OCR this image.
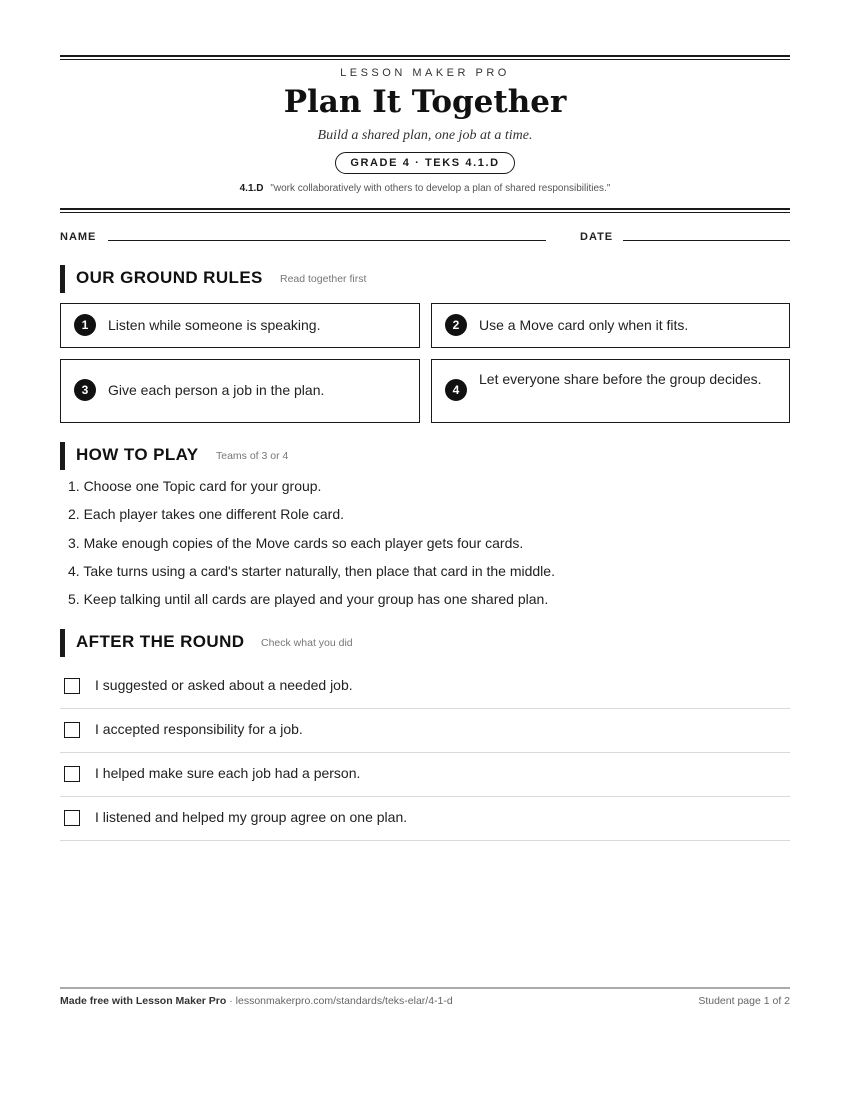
LESSON MAKER PRO
Plan It Together
Build a shared plan, one job at a time.
GRADE 4 · TEKS 4.1.D
4.1.D "work collaboratively with others to develop a plan of shared responsibilities."
NAME	DATE
OUR GROUND RULES Read together first
1	Listen while someone is speaking.	2	Use a Move card only when it fits.
3	Give each person a job in the plan.	4
Let everyone share before the group decides.
HOW TO PLAY Teams of 3 or 4
1. Choose one Topic card for your group.
2. Each player takes one different Role card.
3. Make enough copies of the Move cards so each player gets four cards.
4. Take turns using a card's starter naturally, then place that card in the middle.
5. Keep talking until all cards are played and your group has one shared plan.
AFTER THE ROUND Check what you did
I suggested or asked about a needed job.
I accepted responsibility for a job.
I helped make sure each job had a person.
I listened and helped my group agree on one plan.
Made free with Lesson Maker Pro · lessonmakerpro.com/standards/teks-elar/4-1-d	Student page 1 of 2
